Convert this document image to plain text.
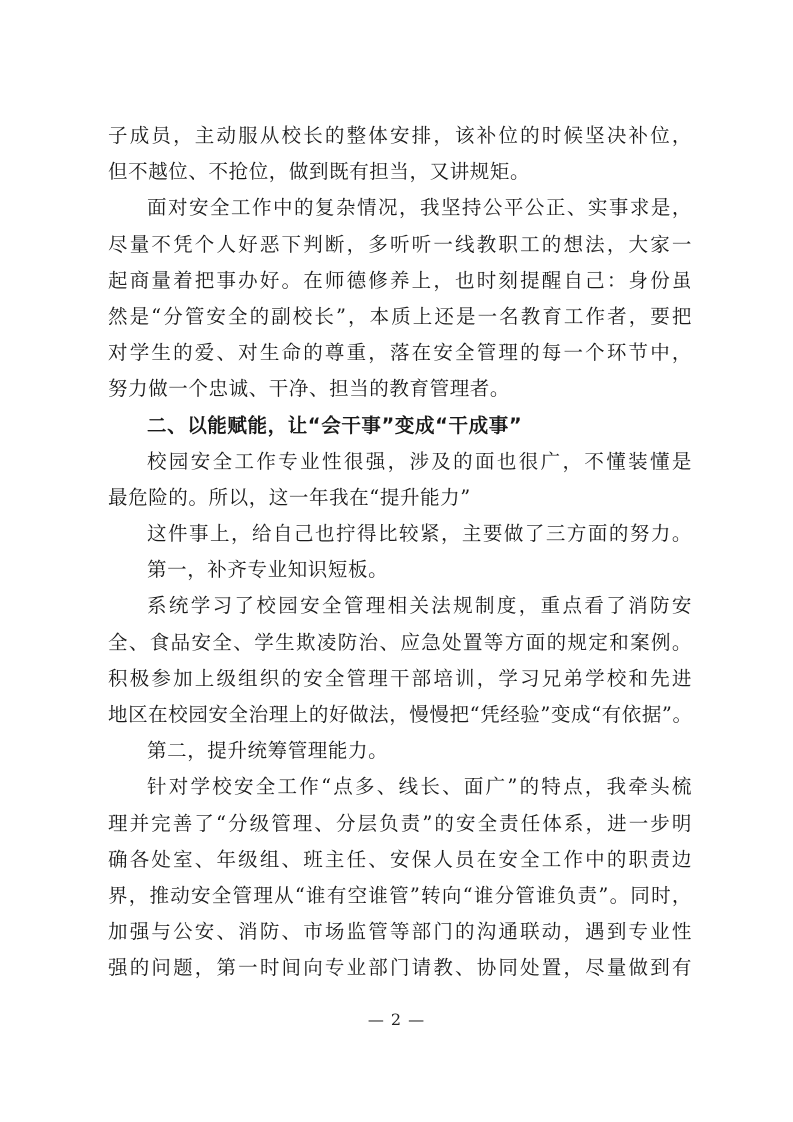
子成员，主动服从校长的整体安排，该补位的时候坚决补位，
但不越位、不抢位，做到既有担当，又讲规矩。
面对安全工作中的复杂情况，我坚持公平公正、实事求是，
尽量不凭个人好恶下判断，多听听一线教职工的想法，大家一
起商量着把事办好。在师德修养上，也时刻提醒自己：身份虽
然是“分管安全的副校长”，本质上还是一名教育工作者，要把
对学生的爱、对生命的尊重，落在安全管理的每一个环节中，
努力做一个忠诚、干净、担当的教育管理者。
二、以能赋能，让“会干事”变成“干成事”
校园安全工作专业性很强，涉及的面也很广，不懂装懂是
最危险的。所以，这一年我在“提升能力”
这件事上，给自己也拧得比较紧，主要做了三方面的努力。
第一，补齐专业知识短板。
系统学习了校园安全管理相关法规制度，重点看了消防安
全、食品安全、学生欺凌防治、应急处置等方面的规定和案例。
积极参加上级组织的安全管理干部培训，学习兄弟学校和先进
地区在校园安全治理上的好做法，慢慢把“凭经验”变成“有依据”。
第二，提升统筹管理能力。
针对学校安全工作“点多、线长、面广”的特点，我牵头梳
理并完善了“分级管理、分层负责”的安全责任体系，进一步明
确各处室、年级组、班主任、安保人员在安全工作中的职责边
界，推动安全管理从“谁有空谁管”转向“谁分管谁负责”。同时，
加强与公安、消防、市场监管等部门的沟通联动，遇到专业性
强的问题，第一时间向专业部门请教、协同处置，尽量做到有
— 2 —
